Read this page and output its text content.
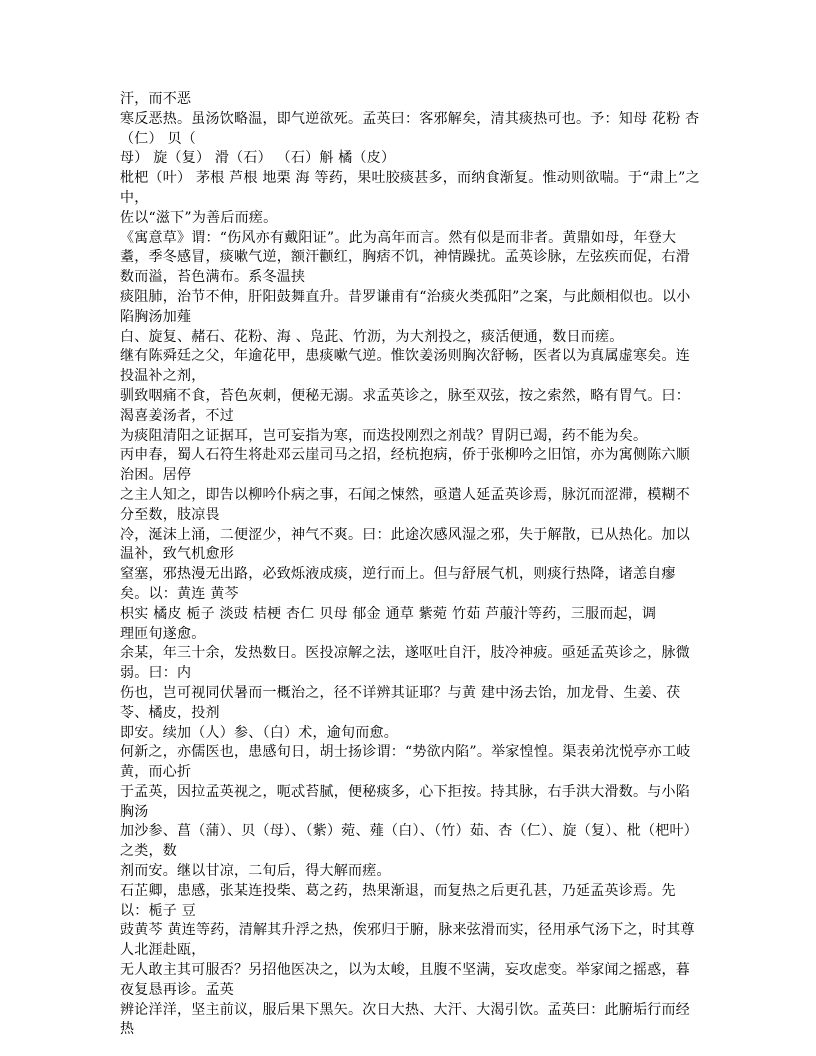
汗，而不恶
寒反恶热。虽汤饮略温，即气逆欲死。孟英曰：客邪解矣，清其痰热可也。予：知母 花粉 杏（仁） 贝（
母） 旋（复） 滑（石） （石）斛 橘（皮）
枇杷（叶） 茅根 芦根 地栗 海 等药，果吐胶痰甚多，而纳食渐复。惟动则欲喘。于“肃上”之中，
佐以“滋下”为善后而瘥。
《寓意草》谓：“伤风亦有戴阳证”。此为高年而言。然有似是而非者。黄鼎如母，年登大耋，季冬感冒，痰嗽气逆，额汗颧红，胸痞不饥，神情躁扰。孟英诊脉，左弦疾而促，右滑数而溢，苔色满布。系冬温挟
痰阻肺，治节不伸，肝阳鼓舞直升。昔罗谦甫有“治痰火类孤阳”之案，与此颇相似也。以小陷胸汤加薤
白、旋复、赭石、花粉、海 、凫茈、竹沥，为大剂投之，痰活便通，数日而瘥。
继有陈舜廷之父，年逾花甲，患痰嗽气逆。惟饮姜汤则胸次舒畅，医者以为真属虚寒矣。连投温补之剂，
驯致咽痛不食，苔色灰刺，便秘无溺。求孟英诊之，脉至双弦，按之索然，略有胃气。曰：渴喜姜汤者，不过
为痰阻清阳之证据耳，岂可妄指为寒，而迭投刚烈之剂哉？胃阴已竭，药不能为矣。
丙申春，蜀人石符生将赴邓云崖司马之招，经杭抱病，侨于张柳吟之旧馆，亦为寓侧陈六顺治困。居停
之主人知之，即告以柳吟仆病之事，石闻之悚然，亟遣人延孟英诊焉，脉沉而涩滞，模糊不分至数，肢凉畏
冷，涎沫上涌，二便涩少，神气不爽。曰：此途次感风湿之邪，失于解散，已从热化。加以温补，致气机愈形
窒塞，邪热漫无出路，必致烁液成痰，逆行而上。但与舒展气机，则痰行热降，诸恙自瘳矣。以：黄连 黄芩
枳实 橘皮 栀子 淡豉 桔梗 杏仁 贝母 郁金 通草 紫菀 竹茹 芦菔汁等药，三服而起，调
理匝旬遂愈。
余某，年三十余，发热数日。医投凉解之法，遂呕吐自汗，肢冷神疲。亟延孟英诊之，脉微弱。曰：内
伤也，岂可视同伏暑而一概治之，径不详辨其证耶？与黄 建中汤去饴，加龙骨、生姜、茯苓、橘皮，投剂
即安。续加（人）参、（白）术，逾旬而愈。
何新之，亦儒医也，患感旬日，胡士扬诊谓：“势欲内陷”。举家惶惶。渠表弟沈悦亭亦工岐黄，而心折
于孟英，因拉孟英视之，呃忒苔腻，便秘痰多，心下拒按。持其脉，右手洪大滑数。与小陷胸汤
加沙参、菖（蒲）、贝（母）、（紫）菀、薤（白）、（竹）茹、杏（仁）、旋（复）、枇（杷叶）之类，数
剂而安。继以甘凉，二旬后，得大解而瘥。
石芷卿，患感，张某连投柴、葛之药，热果渐退，而复热之后更孔甚，乃延孟英诊焉。先以：栀子 豆
豉黄芩 黄连等药，清解其升浮之热，俟邪归于腑，脉来弦滑而实，径用承气汤下之，时其尊人北涯赴瓯，
无人敢主其可服否？另招他医决之，以为太峻，且腹不坚满，妄攻虑变。举家闻之摇惑，暮夜复恳再诊。孟英
辨论洋洋，坚主前议，服后果下黑矢。次日大热、大汗、大渴引饮。孟英曰：此腑垢行而经热
